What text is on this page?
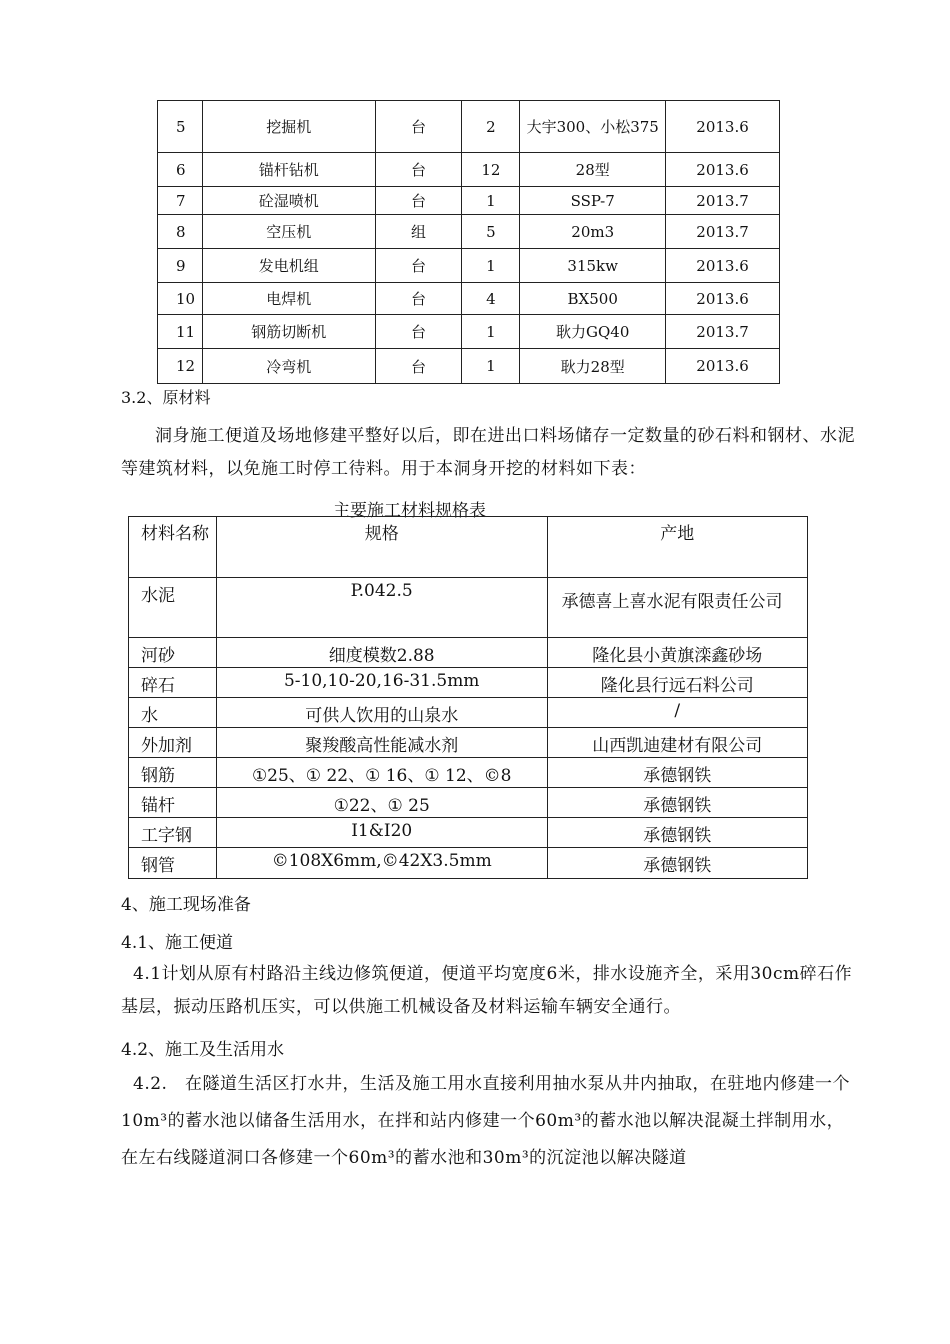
5	挖掘机	台	2	大宇300、小松375	2013.6
6	锚杆钻机	台	12	28型	2013.6
7	砼湿喷机	台	1	SSP-7	2013.7
8	空压机	组	5	20m3	2013.7
9	发电机组	台	1	315kw	2013.6
10	电焊机	台	4	BX500	2013.6
11	钢筋切断机	台	1	耿力GQ40	2013.7
12	冷弯机	台	1	耿力28型	2013.6
3.2、原材料
洞身施工便道及场地修建平整好以后，即在进出口料场储存一定数量的砂石料和钢材、水泥等建筑材料，以免施工时停工待料。用于本洞身开挖的材料如下表：
主要施工材料规格表
材料名称	规格	产地
水泥	P.042.5	承德喜上喜水泥有限责任公司
河砂	细度模数2.88	隆化县小黄旗滦鑫砂场
碎石	5-10,10-20,16-31.5mm	隆化县行远石料公司
水	可供人饮用的山泉水	/
外加剂	聚羧酸高性能减水剂	山西凯迪建材有限公司
钢筋	①25、① 22、① 16、① 12、©8	承德钢铁
锚杆	①22、① 25	承德钢铁
工字钢	I1&I20	承德钢铁
钢管	©108X6mm,©42X3.5mm	承德钢铁
4、施工现场准备
4.1、施工便道
4.1计划从原有村路沿主线边修筑便道，便道平均宽度6米，排水设施齐全，采用30cm碎石作基层，振动压路机压实，可以供施工机械设备及材料运输车辆安全通行。
4.2、施工及生活用水
4.2.　在隧道生活区打水井，生活及施工用水直接利用抽水泵从井内抽取，在驻地内修建一个10m³的蓄水池以储备生活用水，在拌和站内修建一个60m³的蓄水池以解决混凝土拌制用水，在左右线隧道洞口各修建一个60m³的蓄水池和30m³的沉淀池以解决隧道
